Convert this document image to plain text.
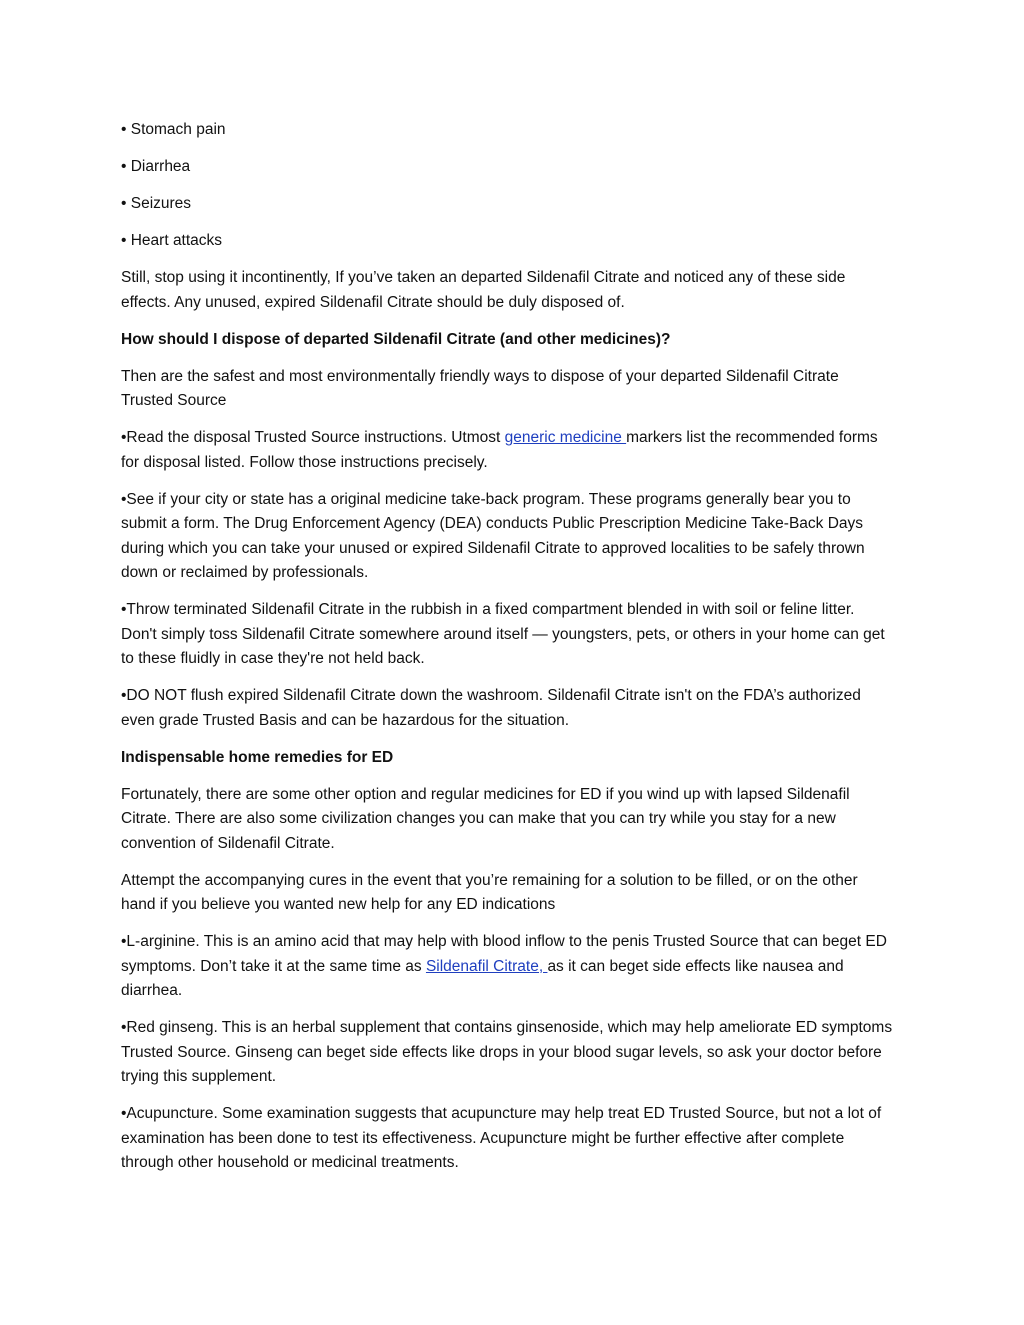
• Stomach pain

• Diarrhea

• Seizures

• Heart attacks

Still, stop using it incontinently, If you’ve taken an departed Sildenafil Citrate and noticed any of these side effects. Any unused, expired Sildenafil Citrate should be duly disposed of.

How should I dispose of departed Sildenafil Citrate (and other medicines)?

Then are the safest and most environmentally friendly ways to dispose of your departed Sildenafil Citrate Trusted Source

•Read the disposal Trusted Source instructions. Utmost generic medicine markers list the recommended forms for disposal listed. Follow those instructions precisely.

•See if your city or state has a original medicine take-back program. These programs generally bear you to submit a form. The Drug Enforcement Agency (DEA) conducts Public Prescription Medicine Take-Back Days during which you can take your unused or expired Sildenafil Citrate to approved localities to be safely thrown down or reclaimed by professionals.

•Throw terminated Sildenafil Citrate in the rubbish in a fixed compartment blended in with soil or feline litter. Don't simply toss Sildenafil Citrate somewhere around itself — youngsters, pets, or others in your home can get to these fluidly in case they're not held back.

•DO NOT flush expired Sildenafil Citrate down the washroom. Sildenafil Citrate isn't on the FDA’s authorized even grade Trusted Basis and can be hazardous for the situation.

Indispensable home remedies for ED

Fortunately, there are some other option and regular medicines for ED if you wind up with lapsed Sildenafil Citrate. There are also some civilization changes you can make that you can try while you stay for a new convention of Sildenafil Citrate.

Attempt the accompanying cures in the event that you’re remaining for a solution to be filled, or on the other hand if you believe you wanted new help for any ED indications

•L-arginine. This is an amino acid that may help with blood inflow to the penis Trusted Source that can beget ED symptoms. Don’t take it at the same time as Sildenafil Citrate, as it can beget side effects like nausea and diarrhea.

•Red ginseng. This is an herbal supplement that contains ginsenoside, which may help ameliorate ED symptoms Trusted Source. Ginseng can beget side effects like drops in your blood sugar levels, so ask your doctor before trying this supplement.

•Acupuncture. Some examination suggests that acupuncture may help treat ED Trusted Source, but not a lot of examination has been done to test its effectiveness. Acupuncture might be further effective after complete through other household or medicinal treatments.
